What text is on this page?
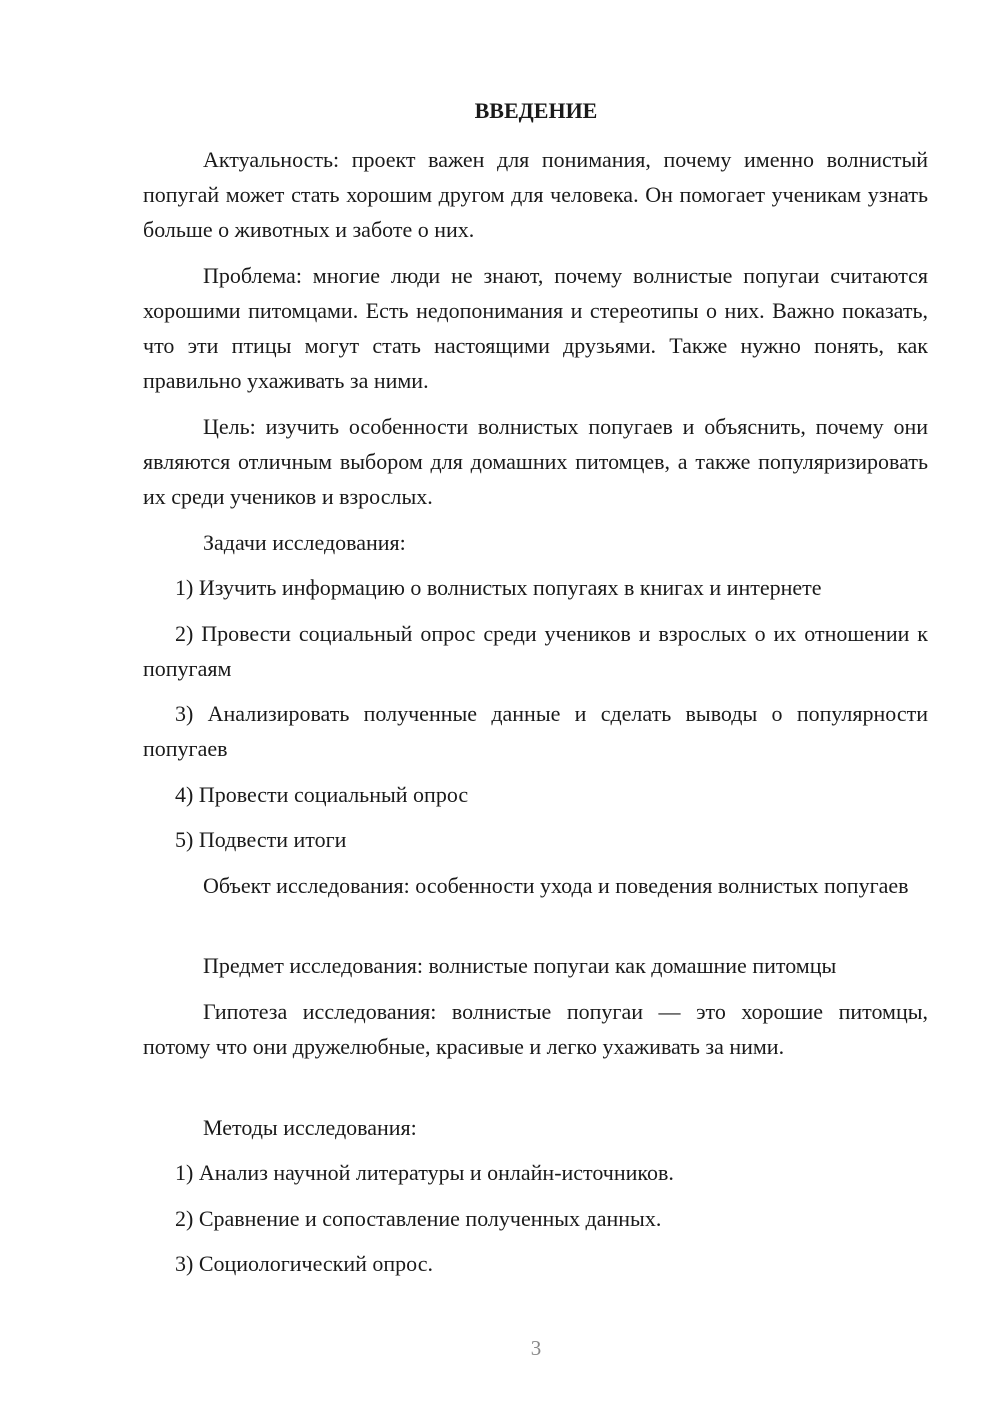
ВВЕДЕНИЕ

Актуальность: проект важен для понимания, почему именно волнистый попугай может стать хорошим другом для человека. Он помогает ученикам узнать больше о животных и заботе о них.

Проблема: многие люди не знают, почему волнистые попугаи считаются хорошими питомцами. Есть недопонимания и стереотипы о них. Важно показать, что эти птицы могут стать настоящими друзьями. Также нужно понять, как правильно ухаживать за ними.

Цель: изучить особенности волнистых попугаев и объяснить, почему они являются отличным выбором для домашних питомцев, а также популяризировать их среди учеников и взрослых.

Задачи исследования:

1) Изучить информацию о волнистых попугаях в книгах и интернете

2) Провести социальный опрос среди учеников и взрослых о их отношении к попугаям

3) Анализировать полученные данные и сделать выводы о популярности попугаев

4) Провести социальный опрос

5) Подвести итоги

Объект исследования: особенности ухода и поведения волнистых попугаев

Предмет исследования: волнистые попугаи как домашние питомцы

Гипотеза исследования: волнистые попугаи — это хорошие питомцы, потому что они дружелюбные, красивые и легко ухаживать за ними.

Методы исследования:

1) Анализ научной литературы и онлайн-источников.

2) Сравнение и сопоставление полученных данных.

3) Социологический опрос.

3
